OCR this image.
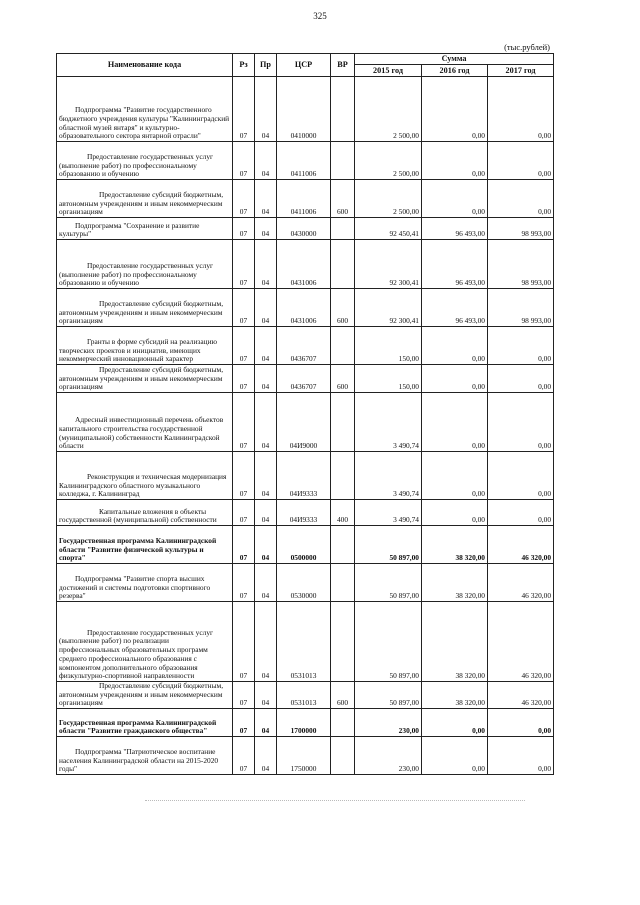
325
(тыс.рублей)
Наименование кода	Рз	Пр	ЦСР	ВР	Сумма		
					2015 год	2016 год	2017 год
Подпрограмма "Развитие государственного бюджетного учреждения культуры "Калининградский областной музей янтаря" и культурно-образовательного сектора янтарной отрасли"	07	04	0410000		2 500,00	0,00	0,00
Предоставление государственных услуг (выполнение работ) по профессиональному образованию и обучению	07	04	0411006		2 500,00	0,00	0,00
Предоставление субсидий бюджетным, автономным учреждениям и иным некоммерческим организациям	07	04	0411006	600	2 500,00	0,00	0,00
Подпрограмма "Сохранение и развитие культуры"	07	04	0430000		92 450,41	96 493,00	98 993,00
Предоставление государственных услуг (выполнение работ) по профессиональному образованию и обучению	07	04	0431006		92 300,41	96 493,00	98 993,00
Предоставление субсидий бюджетным, автономным учреждениям и иным некоммерческим организациям	07	04	0431006	600	92 300,41	96 493,00	98 993,00
Гранты в форме субсидий на реализацию творческих проектов и инициатив, имеющих некоммерческий инновационный характер	07	04	0436707		150,00	0,00	0,00
Предоставление субсидий бюджетным, автономным учреждениям и иным некоммерческим организациям	07	04	0436707	600	150,00	0,00	0,00
Адресный инвестиционный перечень объектов капитального строительства государственной (муниципальной) собственности Калининградской области	07	04	04И9000		3 490,74	0,00	0,00
Реконструкция и техническая модернизация Калининградского областного музыкального колледжа, г. Калининград	07	04	04И9333		3 490,74	0,00	0,00
Капитальные вложения в объекты государственной (муниципальной) собственности	07	04	04И9333	400	3 490,74	0,00	0,00
Государственная программа Калининградской области "Развитие физической культуры и спорта"	07	04	0500000		50 897,00	38 320,00	46 320,00
Подпрограмма "Развитие спорта высших достижений и системы подготовки спортивного резерва"	07	04	0530000		50 897,00	38 320,00	46 320,00
Предоставление государственных услуг (выполнение работ) по реализации профессиональных образовательных программ среднего профессионального образования с компонентом дополнительного образования физкультурно-спортивной направленности	07	04	0531013		50 897,00	38 320,00	46 320,00
Предоставление субсидий бюджетным, автономным учреждениям и иным некоммерческим организациям	07	04	0531013	600	50 897,00	38 320,00	46 320,00
Государственная программа Калининградской области "Развитие гражданского общества"	07	04	1700000		230,00	0,00	0,00
Подпрограмма "Патриотическое воспитание населения Калининградской области на 2015-2020 годы"	07	04	1750000		230,00	0,00	0,00
